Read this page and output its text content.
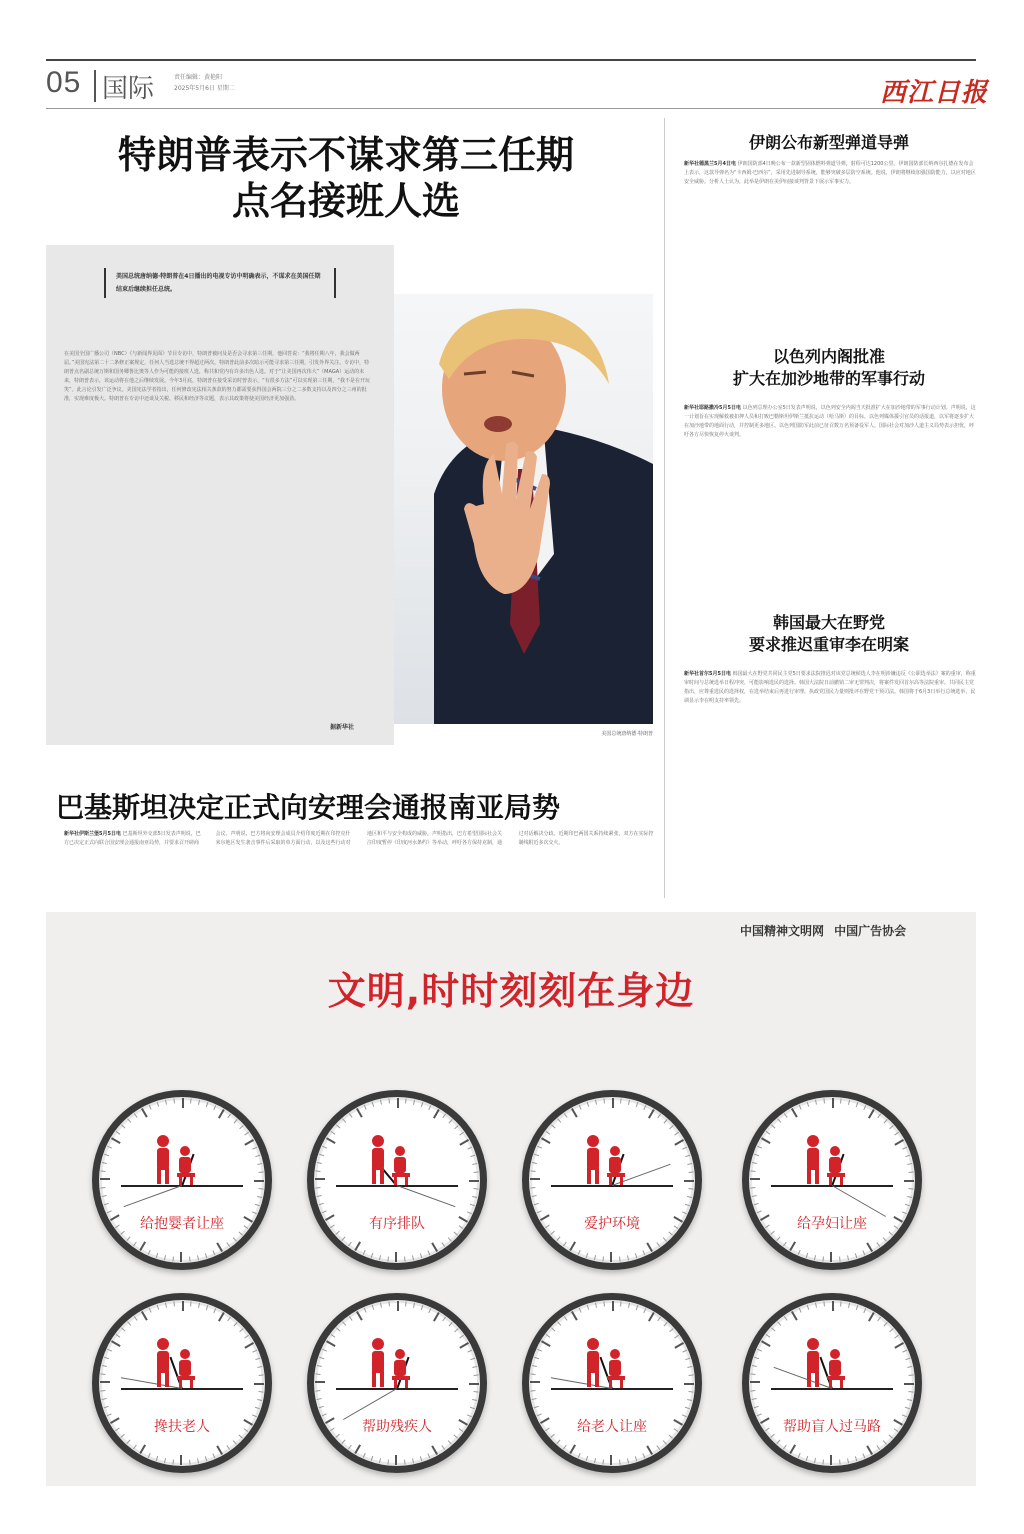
05 国际	责任编辑：黄艳阳
2025年5月6日 星期二	西江日报
特朗普表示不谋求第三任期
点名接班人选
美国总统唐纳德·特朗普在4日播出的电视专访中明确表示，不谋求在美国任期结束后继续担任总统。
在美国全国广播公司（NBC）《与新闻界见面》节目专访中，特朗普被问及是否会寻求第三任期，他回答说：“我将任期八年，我会做两届。”美国宪法第二十二条修正案规定，任何人当选总统不得超过两次。特朗普此前多次暗示可能寻求第三任期，引发外界关注。专访中，特朗普点名副总统万斯和国务卿鲁比奥等人作为可能的接班人选，称共和党内有许多出色人选。对于“让美国再次伟大”（MAGA）运动的未来，特朗普表示，该运动将在他之后继续发展。今年3月底，特朗普在接受采访时曾表示，“有很多方法”可以实现第三任期，“我不是在开玩笑”。此言论引发广泛争议。美国宪法学者指出，任何修改宪法相关条款的努力都需要获得国会两院三分之二多数支持以及四分之三州的批准，实现难度极大。特朗普在专访中还谈及关税、移民和经济等议题，表示其政策将使美国经济更加强劲。
据新华社
美国总统唐纳德·特朗普
伊朗公布新型弹道导弹
新华社德黑兰5月4日电 伊朗国防部4日晚公布一款新型固体燃料弹道导弹，射程可达1200公里。伊朗国防部长纳西尔扎德在发布会上表示，这款导弹名为“卡西姆·巴西尔”，采用先进制导系统，能够突破多层防空系统。他说，伊朗将继续加强国防能力，以应对地区安全威胁。分析人士认为，此举是伊朗在美伊间接谈判背景下展示军事实力。
以色列内阁批准
扩大在加沙地带的军事行动
新华社耶路撒冷5月5日电 以色列总理办公室5日发表声明说，以色列安全内阁当天批准扩大在加沙地带的军事行动计划。声明说，这一计划旨在实现解救被扣押人员和打败巴勒斯坦伊斯兰抵抗运动（哈马斯）的目标。以色列媒体援引官员的话报道，以军将逐步扩大在加沙地带的地面行动，并控制更多地区。以色列国防军此前已征召数万名预备役军人。国际社会对加沙人道主义局势表示担忧，呼吁各方尽快恢复停火谈判。
韩国最大在野党
要求推迟重审李在明案
新华社首尔5月5日电 韩国最大在野党共同民主党5日要求法院推迟对该党总统候选人李在明涉嫌违反《公职选举法》案的重审，称重审时间与总统选举日程冲突，可能影响选民的选择。韩国大法院日前撤销二审无罪判决，将案件发回首尔高等法院重审。共同民主党指出，应尊重选民的选择权，在选举结束后再进行审理。执政党国民力量则批评在野党干预司法。韩国将于6月3日举行总统选举，民调显示李在明支持率领先。
巴基斯坦决定正式向安理会通报南亚局势
新华社伊斯兰堡5月5日电 巴基斯坦外交部5日发表声明说，巴方已决定正式向联合国安理会通报南亚局势，并要求召开磋商会议。声明说，巴方将向安理会成员介绍印度近期在印控克什米尔地区发生袭击事件后采取的单方面行动，以及这些行动对地区和平与安全构成的威胁。声明指出，巴方希望国际社会关注印度暂停《印度河水条约》等举动，呼吁各方保持克制，通过对话解决分歧。近期印巴两国关系持续紧张，双方在实际控制线附近多次交火。
中国精神文明网 中国广告协会
文明,时时刻刻在身边
给抱婴者让座	有序排队	爱护环境	给孕妇让座
搀扶老人	帮助残疾人	给老人让座	帮助盲人过马路
